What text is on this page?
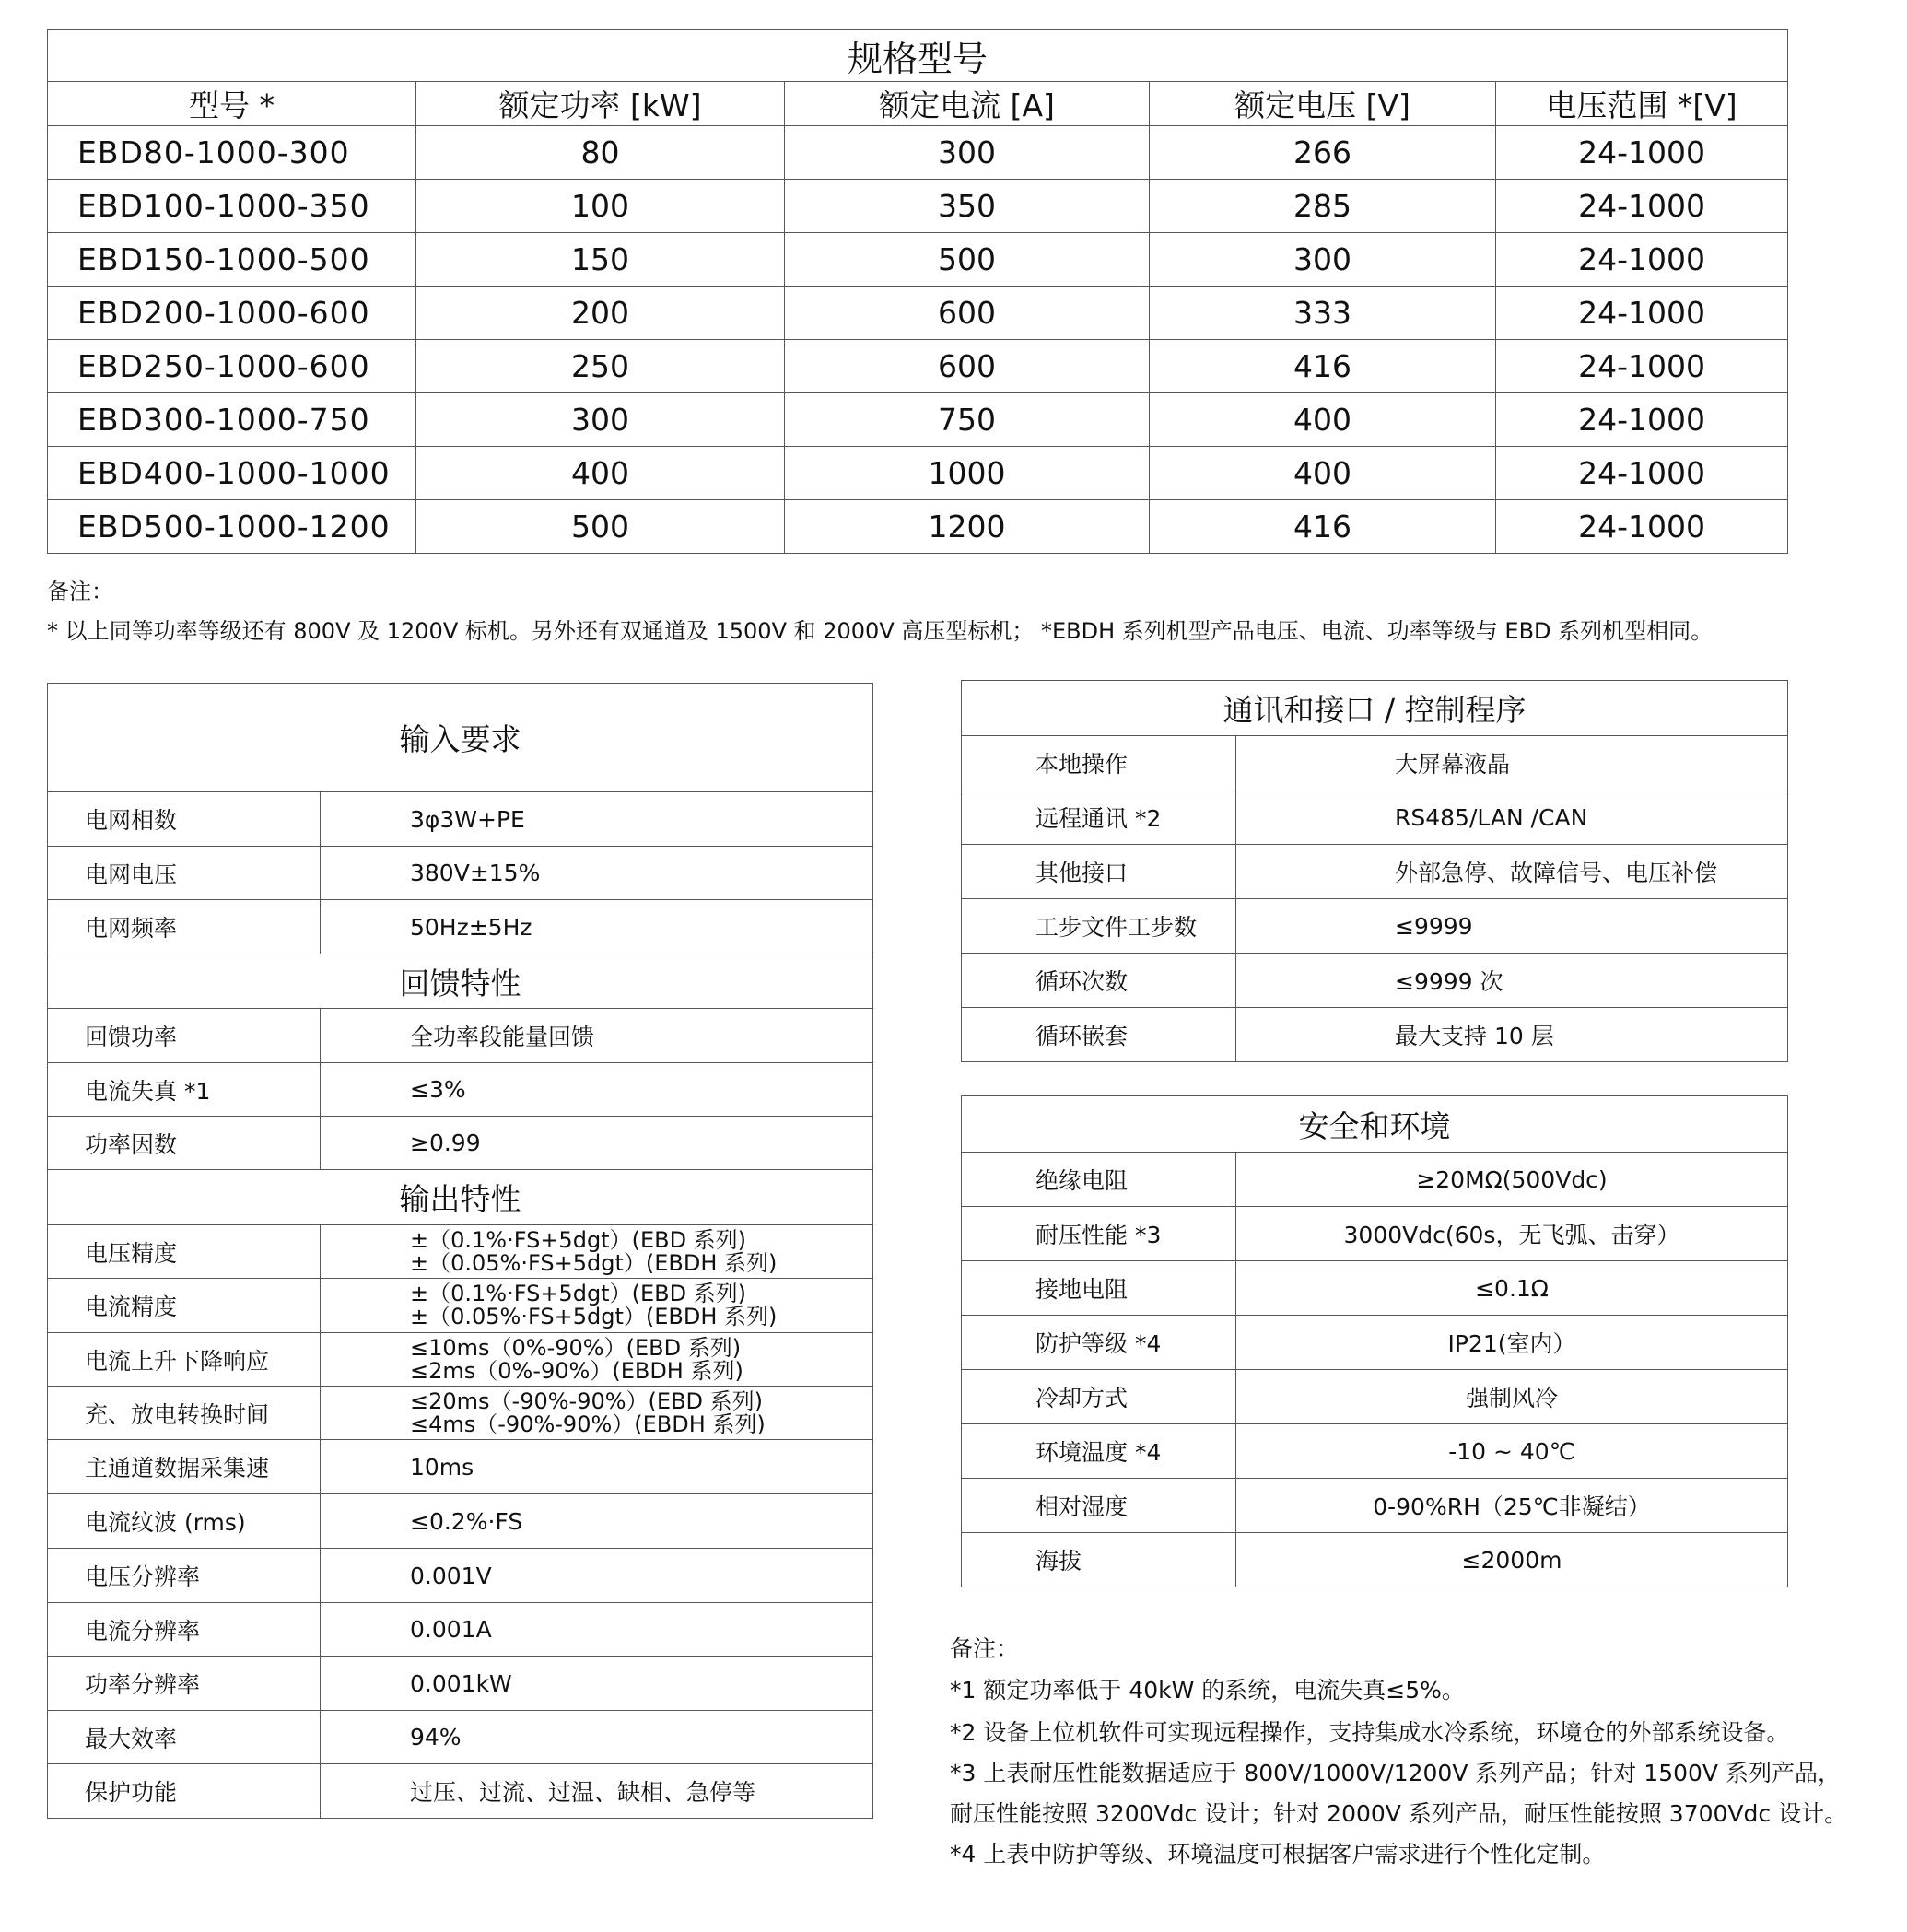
规格型号				
型号 *	额定功率 [kW]	额定电流 [A]	额定电压 [V]	电压范围 *[V]
EBD80-1000-300	80	300	266	24-1000
EBD100-1000-350	100	350	285	24-1000
EBD150-1000-500	150	500	300	24-1000
EBD200-1000-600	200	600	333	24-1000
EBD250-1000-600	250	600	416	24-1000
EBD300-1000-750	300	750	400	24-1000
EBD400-1000-1000	400	1000	400	24-1000
EBD500-1000-1200	500	1200	416	24-1000
备注：
* 以上同等功率等级还有 800V 及 1200V 标机。另外还有双通道及 1500V 和 2000V 高压型标机； *EBDH 系列机型产品电压、电流、功率等级与 EBD 系列机型相同。
输入要求	
电网相数	3φ3W+PE
电网电压	380V±15%
电网频率	50Hz±5Hz
回馈特性	
回馈功率	全功率段能量回馈
电流失真 *1	≤3%
功率因数	≥0.99
输出特性	
电压精度	±（0.1%·FS+5dgt）(EBD 系列)
±（0.05%·FS+5dgt）(EBDH 系列)

电流精度	±（0.1%·FS+5dgt）(EBD 系列)
±（0.05%·FS+5dgt）(EBDH 系列)

电流上升下降响应	≤10ms（0%-90%）(EBD 系列)
≤2ms（0%-90%）(EBDH 系列)

充、放电转换时间	≤20ms（-90%-90%）(EBD 系列)
≤4ms（-90%-90%）(EBDH 系列)

主通道数据采集速	10ms
电流纹波 (rms)	≤0.2%·FS
电压分辨率	0.001V
电流分辨率	0.001A
功率分辨率	0.001kW
最大效率	94%
保护功能	过压、过流、过温、缺相、急停等
通讯和接口 / 控制程序	
本地操作	大屏幕液晶
远程通讯 *2	RS485/LAN /CAN
其他接口	外部急停、故障信号、电压补偿
工步文件工步数	≤9999
循环次数	≤9999 次
循环嵌套	最大支持 10 层
安全和环境	
绝缘电阻	≥20MΩ(500Vdc)
耐压性能 *3	3000Vdc(60s，无飞弧、击穿）
接地电阻	≤0.1Ω
防护等级 *4	IP21(室内）
冷却方式	强制风冷
环境温度 *4	-10 ~ 40℃
相对湿度	0-90%RH（25℃非凝结）
海拔	≤2000m
备注：
*1 额定功率低于 40kW 的系统，电流失真≤5%。
*2 设备上位机软件可实现远程操作，支持集成水冷系统，环境仓的外部系统设备。
*3 上表耐压性能数据适应于 800V/1000V/1200V 系列产品；针对 1500V 系列产品，
耐压性能按照 3200Vdc 设计；针对 2000V 系列产品，耐压性能按照 3700Vdc 设计。
*4 上表中防护等级、环境温度可根据客户需求进行个性化定制。
